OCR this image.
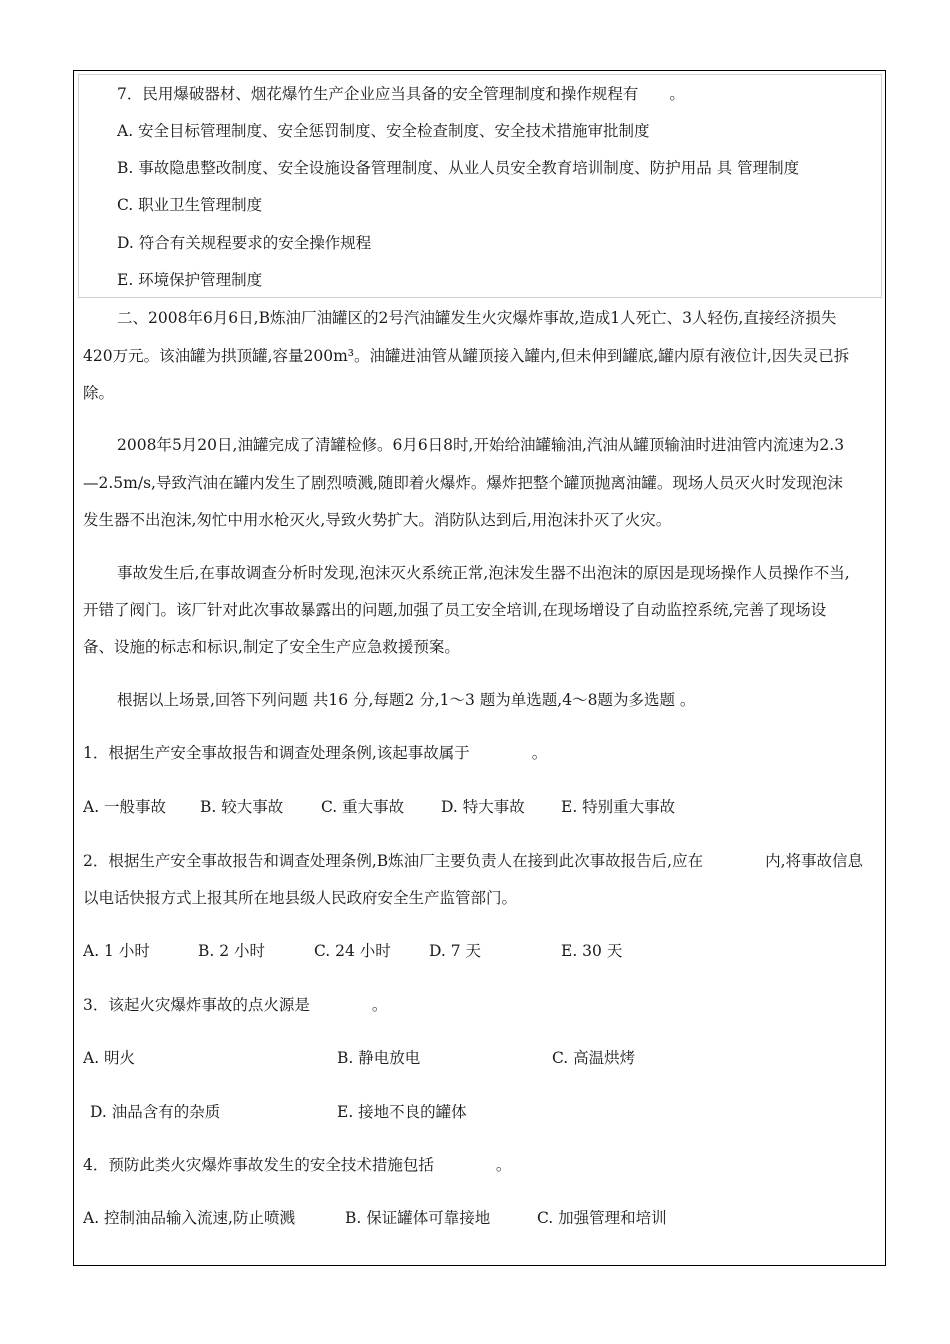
7．民用爆破器材、烟花爆竹生产企业应当具备的安全管理制度和操作规程有　　。
A. 安全目标管理制度、安全惩罚制度、安全检查制度、安全技术措施审批制度
B. 事故隐患整改制度、安全设施设备管理制度、从业人员安全教育培训制度、防护用品 具 管理制度
C. 职业卫生管理制度
D. 符合有关规程要求的安全操作规程
E. 环境保护管理制度
二、2008年6月6日,B炼油厂油罐区的2号汽油罐发生火灾爆炸事故,造成1人死亡、3人轻伤,直接经济损失
420万元。该油罐为拱顶罐,容量200m³。油罐进油管从罐顶接入罐内,但未伸到罐底,罐内原有液位计,因失灵已拆
除。
2008年5月20日,油罐完成了清罐检修。6月6日8时,开始给油罐输油,汽油从罐顶输油时进油管内流速为2.3
—2.5m/s,导致汽油在罐内发生了剧烈喷溅,随即着火爆炸。爆炸把整个罐顶抛离油罐。现场人员灭火时发现泡沫
发生器不出泡沫,匆忙中用水枪灭火,导致火势扩大。消防队达到后,用泡沫扑灭了火灾。
事故发生后,在事故调查分析时发现,泡沫灭火系统正常,泡沫发生器不出泡沫的原因是现场操作人员操作不当,
开错了阀门。该厂针对此次事故暴露出的问题,加强了员工安全培训,在现场增设了自动监控系统,完善了现场设
备、设施的标志和标识,制定了安全生产应急救援预案。
根据以上场景,回答下列问题 共16 分,每题2 分,1～3 题为单选题,4～8题为多选题 。
1．根据生产安全事故报告和调查处理条例,该起事故属于　　　　。
A. 一般事故 B. 较大事故 C. 重大事故 D. 特大事故 E. 特别重大事故
2．根据生产安全事故报告和调查处理条例,B炼油厂主要负责人在接到此次事故报告后,应在　　　　内,将事故信息
以电话快报方式上报其所在地县级人民政府安全生产监管部门。
A. 1 小时	B. 2 小时	C. 24 小时 D. 7 天	E. 30 天
3．该起火灾爆炸事故的点火源是　　　　。
A. 明火	B. 静电放电	C. 高温烘烤
D. 油品含有的杂质	E. 接地不良的罐体
4．预防此类火灾爆炸事故发生的安全技术措施包括　　　　。
A. 控制油品输入流速,防止喷溅	B. 保证罐体可靠接地	C. 加强管理和培训
